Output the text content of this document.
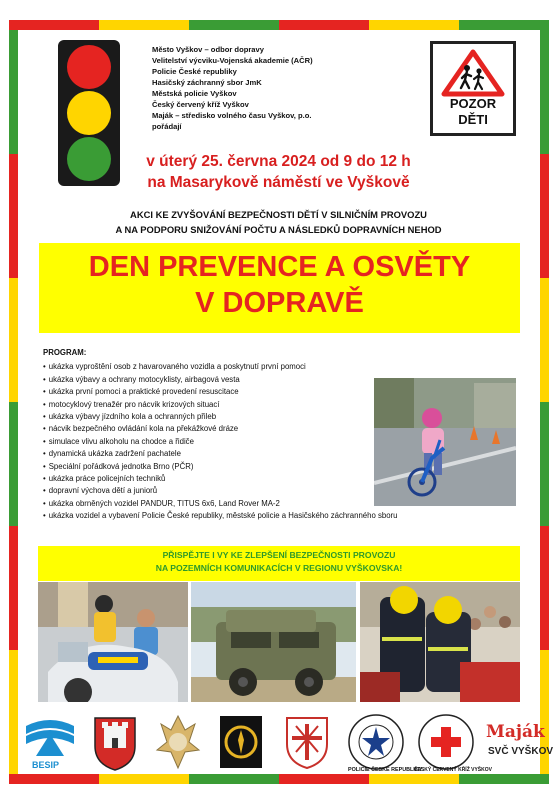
Město Vyškov – odbor dopravy
Velitelství výcviku-Vojenská akademie (AČR)
Policie České republiky
Hasičský záchranný sbor JmK
Městská policie Vyškov
Český červený kříž Vyškov
Maják – středisko volného času Vyškov, p.o.
pořádají
POZOR
DĚTI
v úterý 25. června 2024 od 9 do 12 h
na Masarykově náměstí ve Vyškově
AKCI KE ZVYŠOVÁNÍ BEZPEČNOSTI DĚTÍ V SILNIČNÍM PROVOZU
A NA PODPORU SNIŽOVÁNÍ POČTU A NÁSLEDKŮ DOPRAVNÍCH NEHOD
DEN PREVENCE A OSVĚTY
V DOPRAVĚ
PROGRAM:
• ukázka vyproštění osob z havarovaného vozidla a poskytnutí první pomoci
• ukázka výbavy a ochrany motocyklisty, airbagová vesta
• ukázka první pomoci a praktické provedení resuscitace
• motocyklový trenažér pro nácvik krizových situací
• ukázka výbavy jízdního kola a ochranných přileb
• nácvik bezpečného ovládání kola na překážkové dráze
• simulace vlivu alkoholu na chodce a řidiče
• dynamická ukázka zadržení pachatele
• Speciální pořádková jednotka Brno (PČR)
• ukázka práce policejních techniků
• dopravní výchova dětí a juniorů
• ukázka obrněných vozidel PANDUR, TITUS 6x6, Land Rover MA-2
• ukázka vozidel a vybavení Policie České republiky, městské policie a Hasičského záchranného sboru
PŘISPĚJTE I VY KE ZLEPŠENÍ BEZPEČNOSTI PROVOZU
NA POZEMNÍCH KOMUNIKACÍCH V REGIONU VYŠKOVSKA!
BESIP	POLICIE ČESKÉ REPUBLIKY
ČESKÝ ČERVENÝ KŘÍŽ VYŠKOV
Maják
SVČ VYŠKOV
